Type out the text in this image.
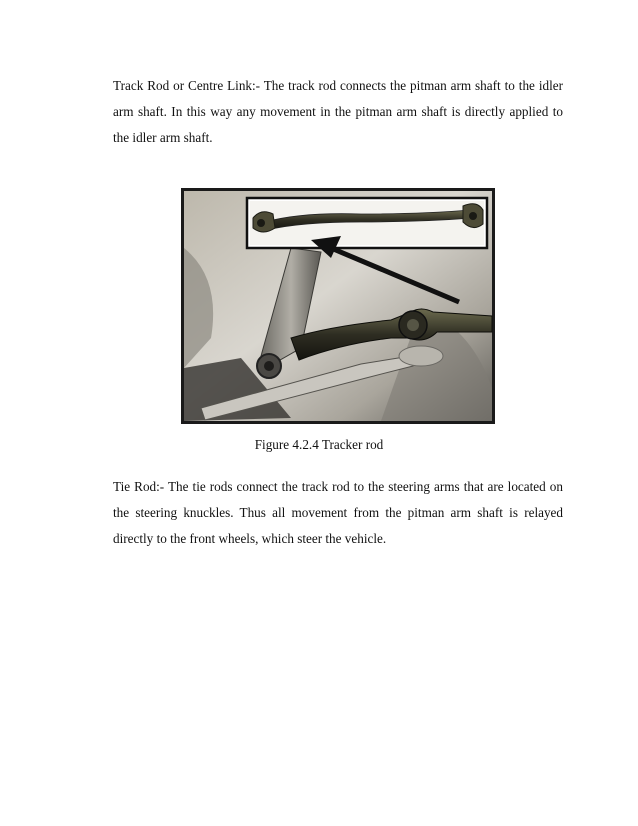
Track Rod or Centre Link:- The track rod connects the pitman arm shaft to the idler arm shaft. In this way any movement in the pitman arm shaft is directly applied to the idler arm shaft.

Figure 4.2.4 Tracker rod

Tie Rod:- The tie rods connect the track rod to the steering arms that are located on the steering knuckles. Thus all movement from the pitman arm shaft is relayed directly to the front wheels, which steer the vehicle.
